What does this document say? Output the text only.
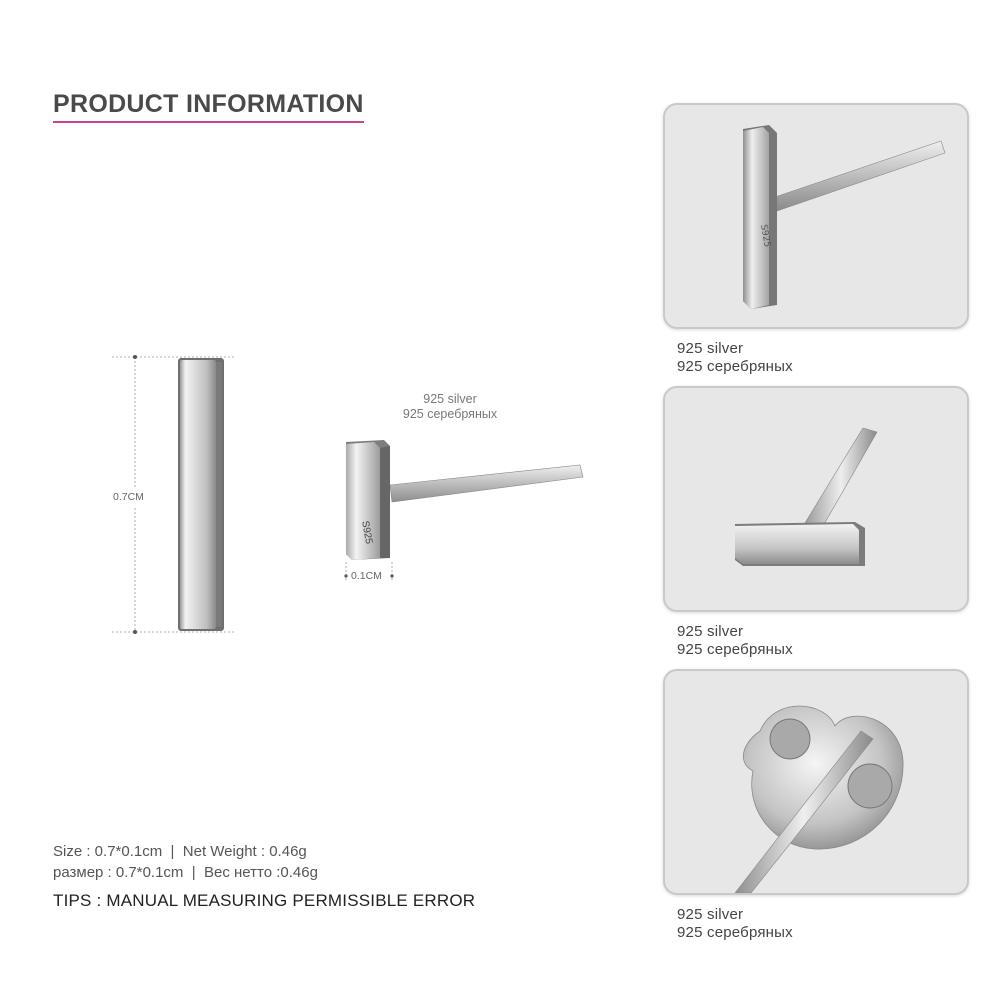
PRODUCT INFORMATION
0.7CM
S925
0.1CM
925 silver
925 серебряных
Size : 0.7*0.1cm  |  Net Weight : 0.46g
размер : 0.7*0.1cm  |  Вес нетто :0.46g
TIPS : MANUAL MEASURING PERMISSIBLE ERROR
S925
925 silver
925 серебряных
925 silver
925 серебряных
925 silver
925 серебряных
